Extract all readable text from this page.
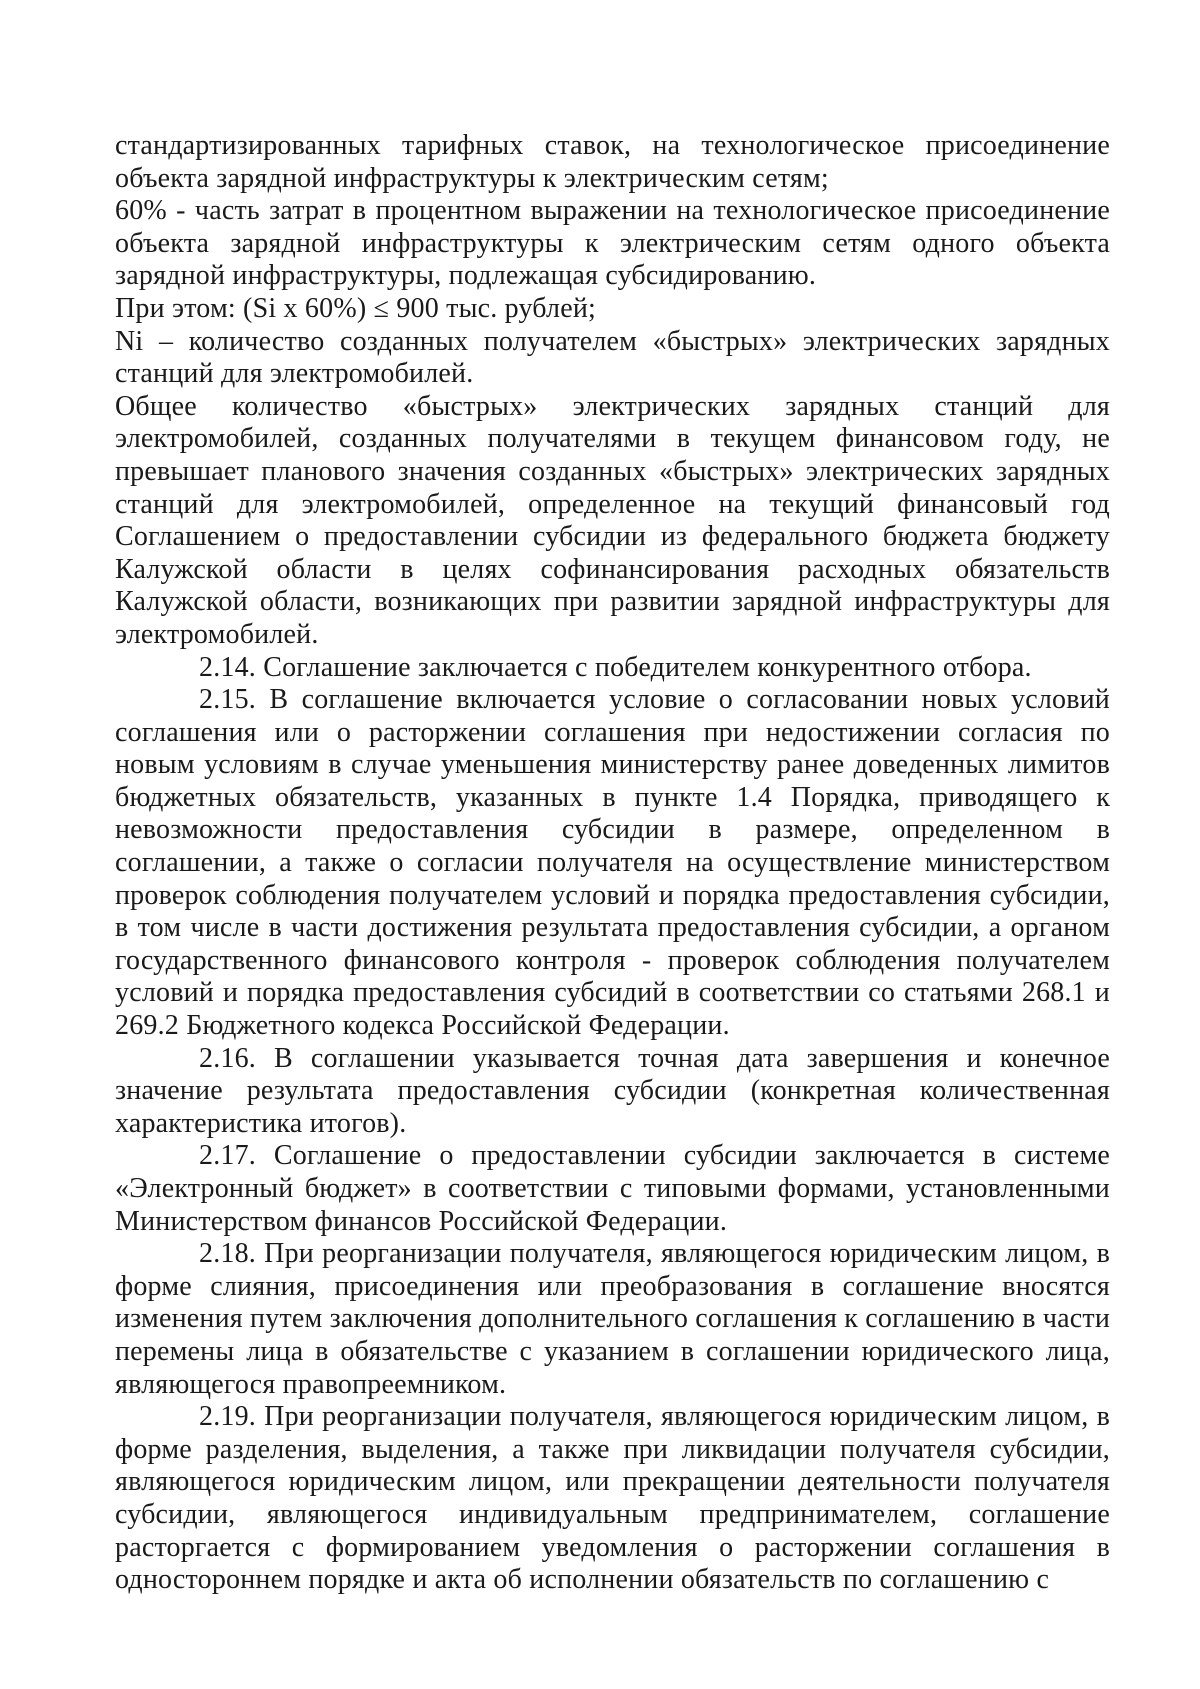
стандартизированных тарифных ставок, на технологическое присоединение объекта зарядной инфраструктуры к электрическим сетям;

60% - часть затрат в процентном выражении на технологическое присоединение объекта зарядной инфраструктуры к электрическим сетям одного объекта зарядной инфраструктуры, подлежащая субсидированию.

При этом: (Si х 60%) ≤ 900 тыс. рублей;

Ni – количество созданных получателем «быстрых» электрических зарядных станций для электромобилей.

Общее количество «быстрых» электрических зарядных станций для электромобилей, созданных получателями в текущем финансовом году, не превышает планового значения созданных «быстрых» электрических зарядных станций для электромобилей, определенное на текущий финансовый год Соглашением о предоставлении субсидии из федерального бюджета бюджету Калужской области в целях софинансирования расходных обязательств Калужской области, возникающих при развитии зарядной инфраструктуры для электромобилей.

2.14. Соглашение заключается с победителем конкурентного отбора.

2.15. В соглашение включается условие о согласовании новых условий соглашения или о расторжении соглашения при недостижении согласия по новым условиям в случае уменьшения министерству ранее доведенных лимитов бюджетных обязательств, указанных в пункте 1.4 Порядка, приводящего к невозможности предоставления субсидии в размере, определенном в соглашении, а также о согласии получателя на осуществление министерством проверок соблюдения получателем условий и порядка предоставления субсидии, в том числе в части достижения результата предоставления субсидии, а органом государственного финансового контроля - проверок соблюдения получателем условий и порядка предоставления субсидий в соответствии со статьями 268.1 и 269.2 Бюджетного кодекса Российской Федерации.

2.16. В соглашении указывается точная дата завершения и конечное значение результата предоставления субсидии (конкретная количественная характеристика итогов).

2.17. Соглашение о предоставлении субсидии заключается в системе «Электронный бюджет» в соответствии с типовыми формами, установленными Министерством финансов Российской Федерации.

2.18. При реорганизации получателя, являющегося юридическим лицом, в форме слияния, присоединения или преобразования в соглашение вносятся изменения путем заключения дополнительного соглашения к соглашению в части перемены лица в обязательстве с указанием в соглашении юридического лица, являющегося правопреемником.

2.19. При реорганизации получателя, являющегося юридическим лицом, в форме разделения, выделения, а также при ликвидации получателя субсидии, являющегося юридическим лицом, или прекращении деятельности получателя субсидии, являющегося индивидуальным предпринимателем, соглашение расторгается с формированием уведомления о расторжении соглашения в одностороннем порядке и акта об исполнении обязательств по соглашению с
